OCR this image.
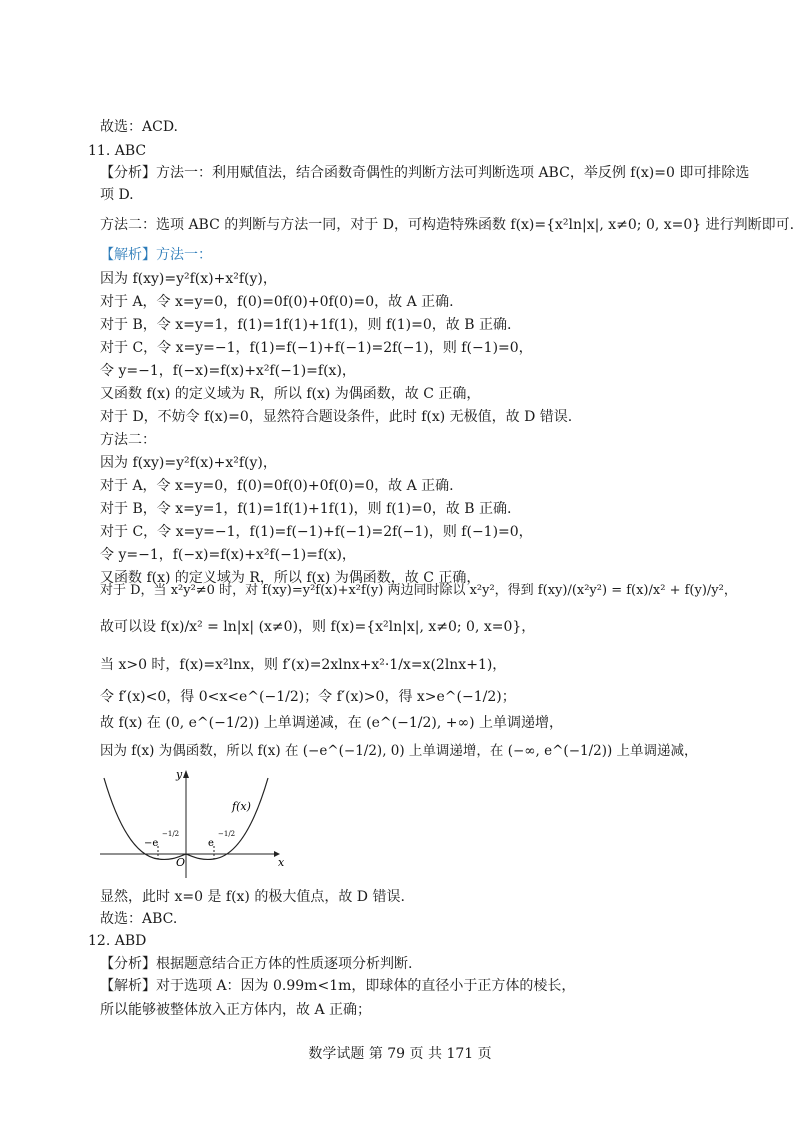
故选：ACD.
11. ABC
【分析】方法一：利用赋值法，结合函数奇偶性的判断方法可判断选项 ABC，举反例 f(x)=0 即可排除选
项 D.
方法二：选项 ABC 的判断与方法一同，对于 D，可构造特殊函数 f(x)={x²ln|x|, x≠0; 0, x=0} 进行判断即可.
【解析】方法一：
因为 f(xy)=y²f(x)+x²f(y)，
对于 A，令 x=y=0，f(0)=0f(0)+0f(0)=0，故 A 正确.
对于 B，令 x=y=1，f(1)=1f(1)+1f(1)，则 f(1)=0，故 B 正确.
对于 C，令 x=y=−1，f(1)=f(−1)+f(−1)=2f(−1)，则 f(−1)=0，
令 y=−1，f(−x)=f(x)+x²f(−1)=f(x)，
又函数 f(x) 的定义域为 R，所以 f(x) 为偶函数，故 C 正确，
对于 D，不妨令 f(x)=0，显然符合题设条件，此时 f(x) 无极值，故 D 错误.
方法二：
因为 f(xy)=y²f(x)+x²f(y)，
对于 A，令 x=y=0，f(0)=0f(0)+0f(0)=0，故 A 正确.
对于 B，令 x=y=1，f(1)=1f(1)+1f(1)，则 f(1)=0，故 B 正确.
对于 C，令 x=y=−1，f(1)=f(−1)+f(−1)=2f(−1)，则 f(−1)=0，
令 y=−1，f(−x)=f(x)+x²f(−1)=f(x)，
又函数 f(x) 的定义域为 R，所以 f(x) 为偶函数，故 C 正确，
对于 D，当 x²y²≠0 时，对 f(xy)=y²f(x)+x²f(y) 两边同时除以 x²y²，得到 f(xy)/(x²y²) = f(x)/x² + f(y)/y²，
故可以设 f(x)/x² = ln|x| (x≠0)，则 f(x)={x²ln|x|, x≠0; 0, x=0}，
当 x>0 时，f(x)=x²lnx，则 f′(x)=2xlnx+x²·1/x=x(2lnx+1)，
令 f′(x)<0，得 0<x<e^(−1/2)；令 f′(x)>0，得 x>e^(−1/2)；
故 f(x) 在 (0, e^(−1/2)) 上单调递减，在 (e^(−1/2), +∞) 上单调递增，
因为 f(x) 为偶函数，所以 f(x) 在 (−e^(−1/2), 0) 上单调递增，在 (−∞, e^(−1/2)) 上单调递减，
x
y
O
f(x)
−e
−1/2
e
−1/2
显然，此时 x=0 是 f(x) 的极大值点，故 D 错误.
故选：ABC.
12. ABD
【分析】根据题意结合正方体的性质逐项分析判断.
【解析】对于选项 A：因为 0.99m<1m，即球体的直径小于正方体的棱长，
所以能够被整体放入正方体内，故 A 正确；
数学试题 第 79 页 共 171 页
